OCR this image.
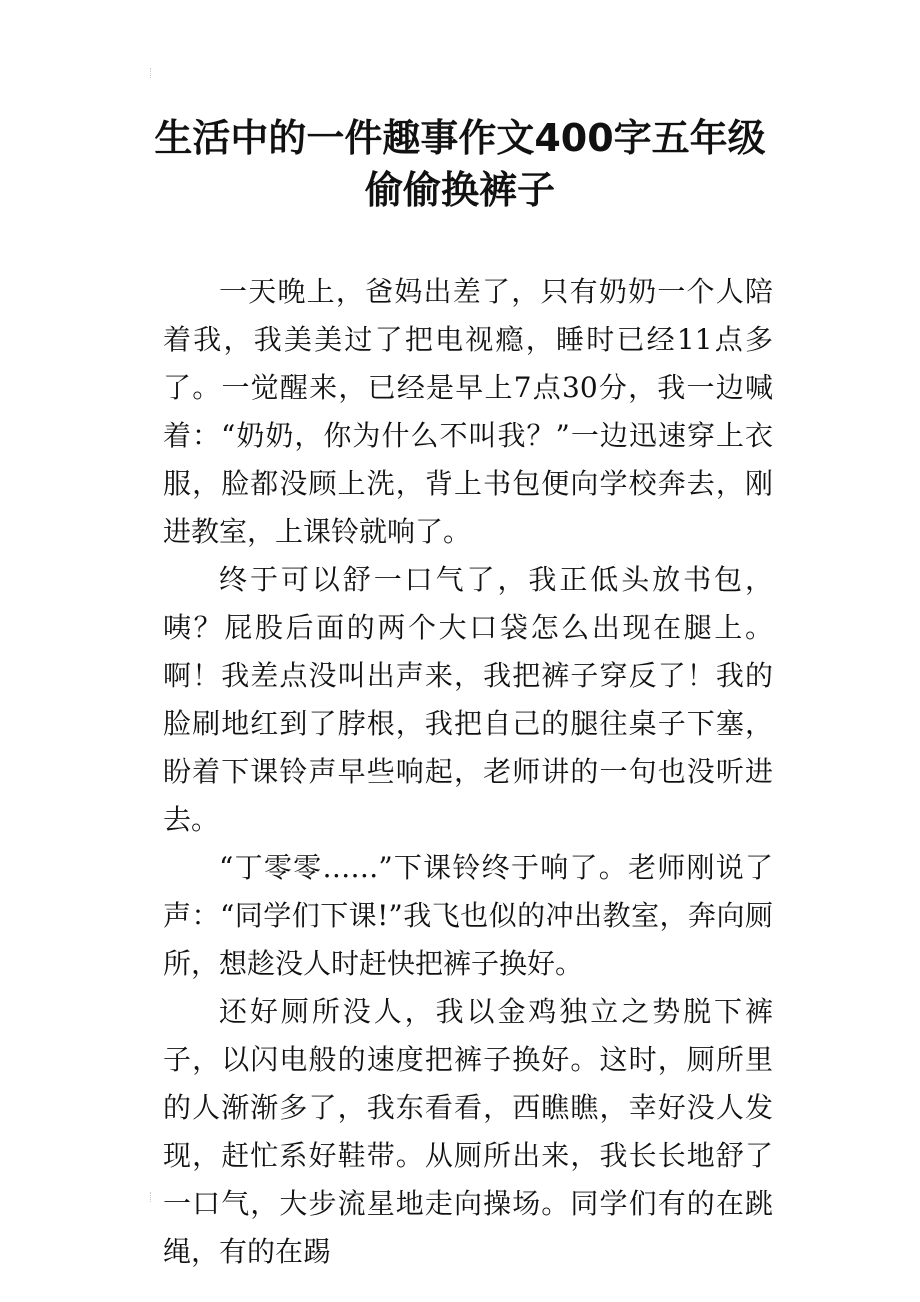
生活中的一件趣事作文400字五年级
偷偷换裤子

一天晚上，爸妈出差了，只有奶奶一个人陪着我，我美美过了把电视瘾，睡时已经11点多了。一觉醒来，已经是早上7点30分，我一边喊着：“奶奶，你为什么不叫我？”一边迅速穿上衣服，脸都没顾上洗，背上书包便向学校奔去，刚进教室，上课铃就响了。

终于可以舒一口气了，我正低头放书包，咦？屁股后面的两个大口袋怎么出现在腿上。啊！我差点没叫出声来，我把裤子穿反了！我的脸刷地红到了脖根，我把自己的腿往桌子下塞，盼着下课铃声早些响起，老师讲的一句也没听进去。

“丁零零……”下课铃终于响了。老师刚说了声：“同学们下课!”我飞也似的冲出教室，奔向厕所，想趁没人时赶快把裤子换好。

还好厕所没人，我以金鸡独立之势脱下裤子，以闪电般的速度把裤子换好。这时，厕所里的人渐渐多了，我东看看，西瞧瞧，幸好没人发现，赶忙系好鞋带。从厕所出来，我长长地舒了一口气，大步流星地走向操场。同学们有的在跳绳，有的在踢
